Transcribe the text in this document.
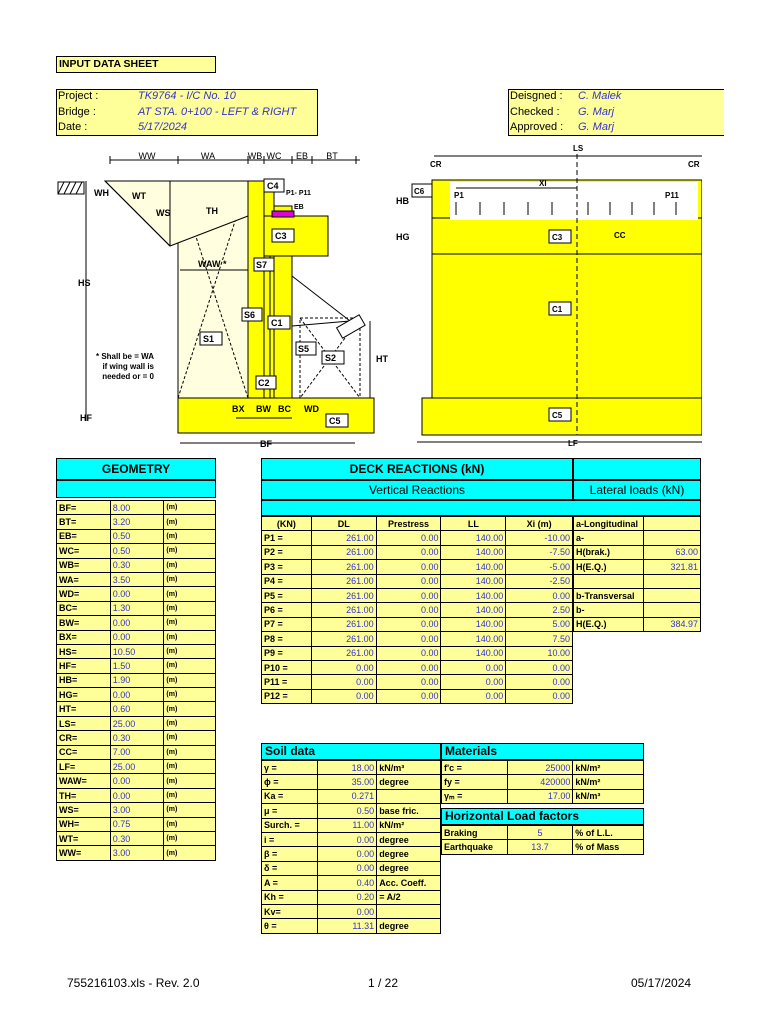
INPUT DATA SHEET
Project :	TK9764 - I/C No. 10
Bridge :	AT STA. 0+100 - LEFT & RIGHT
Date :	5/17/2024
Deisgned : C. Malek
Checked : G. Marj
Approved : G. Marj
WW	WA	WB WC EB BT
WH	WT
WS	TH
WAW *
HS
HF
HT
BF
BX BW BC WD
P1- P11
EB
C4
C3
S7
S6
C1
S1
S5
S2
C2
C5
* Shall be = WA
if wing wall is
needed or = 0
LS
CR	CR
XI
P1	P11
CC
LF
C6
C3
C1
C5
HB
HG
GEOMETRY
BF=	8.00	(m)
BT=	3.20	(m)
EB=	0.50	(m)
WC=	0.50	(m)
WB=	0.30	(m)
WA=	3.50	(m)
WD=	0.00	(m)
BC=	1.30	(m)
BW=	0.00	(m)
BX=	0.00	(m)
HS=	10.50	(m)
HF=	1.50	(m)
HB=	1.90	(m)
HG=	0.00	(m)
HT=	0.60	(m)
LS=	25.00	(m)
CR=	0.30	(m)
CC=	7.00	(m)
LF=	25.00	(m)
WAW=	0.00	(m)
TH=	0.00	(m)
WS=	3.00	(m)
WH=	0.75	(m)
WT=	0.30	(m)
WW=	3.00	(m)
DECK REACTIONS (kN)
Vertical Reactions	Lateral loads (kN)
(KN)	DL	Prestress	LL	Xi (m)
P1 =	261.00	0.00	140.00	-10.00
P2 =	261.00	0.00	140.00	-7.50
P3 =	261.00	0.00	140.00	-5.00
P4 =	261.00	0.00	140.00	-2.50
P5 =	261.00	0.00	140.00	0.00
P6 =	261.00	0.00	140.00	2.50
P7 =	261.00	0.00	140.00	5.00
P8 =	261.00	0.00	140.00	7.50
P9 =	261.00	0.00	140.00	10.00
P10 =	0.00	0.00	0.00	0.00
P11 =	0.00	0.00	0.00	0.00
P12 =	0.00	0.00	0.00	0.00
a-Longitudinal	
a-	
H(brak.)	63.00
H(E.Q.)	321.81

b-Transversal	
b-	
H(E.Q.)	384.97
Soil data
γ =	18.00	kN/m³
ϕ =	35.00	degree
Ka =	0.271	
μ =	0.50	base fric.
Surch. =	11.00	kN/m²
i =	0.00	degree
β =	0.00	degree
δ =	0.00	degree
A =	0.40	Acc. Coeff.
Kh =	0.20	= A/2
Kv=	0.00	
θ =	11.31	degree
Materials
f'c =	25000	kN/m²
fy =	420000	kN/m²
γₘ =	17.00	kN/m³
Horizontal Load factors
Braking	5	% of L.L.
Earthquake	13.7	% of Mass
755216103.xls - Rev. 2.0	1 / 22	05/17/2024
